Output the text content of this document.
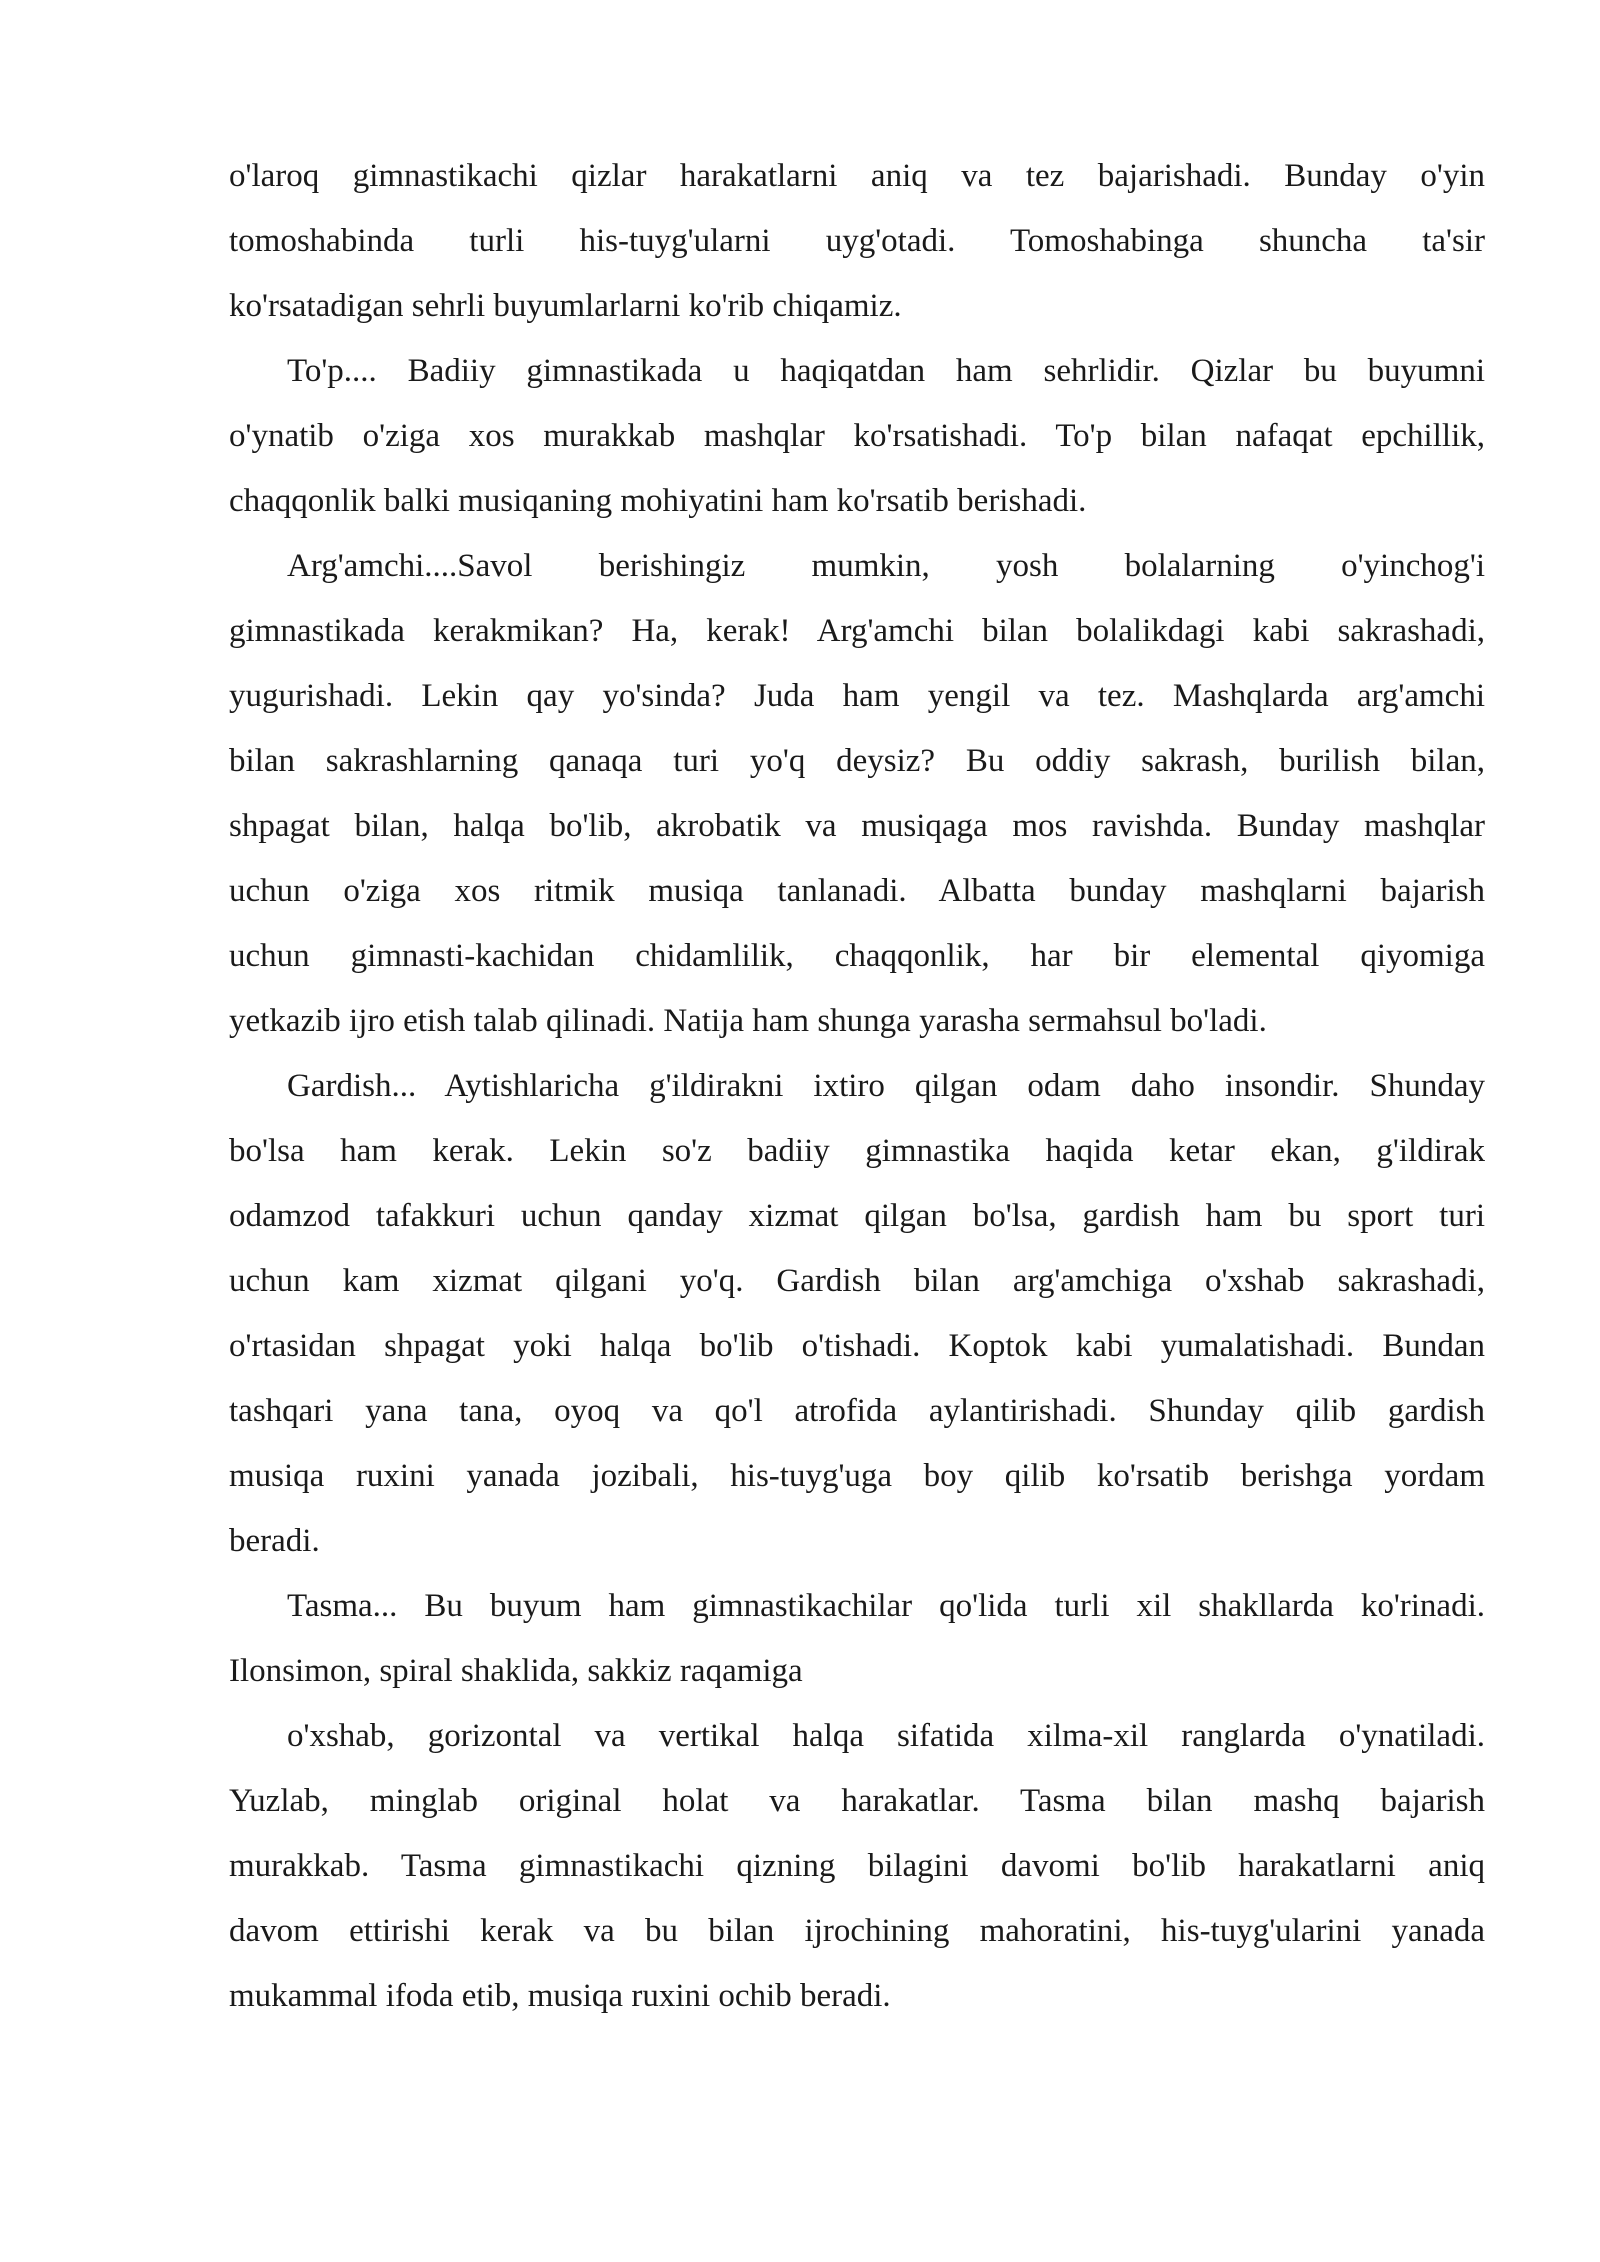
o'laroq gimnastikachi qizlar harakatlarni aniq va tez bajarishadi. Bunday o'yin
tomoshabinda turli his-tuyg'ularni uyg'otadi. Tomoshabinga shuncha ta'sir
ko'rsatadigan sehrli buyumlarlarni ko'rib chiqamiz.
To'p.... Badiiy gimnastikada u haqiqatdan ham sehrlidir. Qizlar bu buyumni
o'ynatib o'ziga xos murakkab mashqlar ko'rsatishadi. To'p bilan nafaqat epchillik,
chaqqonlik balki musiqaning mohiyatini ham ko'rsatib berishadi.
Arg'amchi....Savol berishingiz mumkin, yosh bolalarning o'yinchog'i
gimnastikada kerakmikan? Ha, kerak! Arg'amchi bilan bolalikdagi kabi sakrashadi,
yugurishadi. Lekin qay yo'sinda? Juda ham yengil va tez. Mashqlarda arg'amchi
bilan sakrashlarning qanaqa turi yo'q deysiz? Bu oddiy sakrash, burilish bilan,
shpagat bilan, halqa bo'lib, akrobatik va musiqaga mos ravishda. Bunday mashqlar
uchun o'ziga xos ritmik musiqa tanlanadi. Albatta bunday mashqlarni bajarish
uchun gimnasti-kachidan chidamlilik, chaqqonlik, har bir elemental qiyomiga
yetkazib ijro etish talab qilinadi. Natija ham shunga yarasha sermahsul bo'ladi.
Gardish... Aytishlaricha g'ildirakni ixtiro qilgan odam daho insondir. Shunday
bo'lsa ham kerak. Lekin so'z badiiy gimnastika haqida ketar ekan, g'ildirak
odamzod tafakkuri uchun qanday xizmat qilgan bo'lsa, gardish ham bu sport turi
uchun kam xizmat qilgani yo'q. Gardish bilan arg'amchiga o'xshab sakrashadi,
o'rtasidan shpagat yoki halqa bo'lib o'tishadi. Koptok kabi yumalatishadi. Bundan
tashqari yana tana, oyoq va qo'l atrofida aylantirishadi. Shunday qilib gardish
musiqa ruxini yanada jozibali, his-tuyg'uga boy qilib ko'rsatib berishga yordam
beradi.
Tasma... Bu buyum ham gimnastikachilar qo'lida turli xil shakllarda ko'rinadi.
Ilonsimon, spiral shaklida, sakkiz raqamiga
o'xshab, gorizontal va vertikal halqa sifatida xilma-xil ranglarda o'ynatiladi.
Yuzlab, minglab original holat va harakatlar. Tasma bilan mashq bajarish
murakkab. Tasma gimnastikachi qizning bilagini davomi bo'lib harakatlarni aniq
davom ettirishi kerak va bu bilan ijrochining mahoratini, his-tuyg'ularini yanada
mukammal ifoda etib, musiqa ruxini ochib beradi.
